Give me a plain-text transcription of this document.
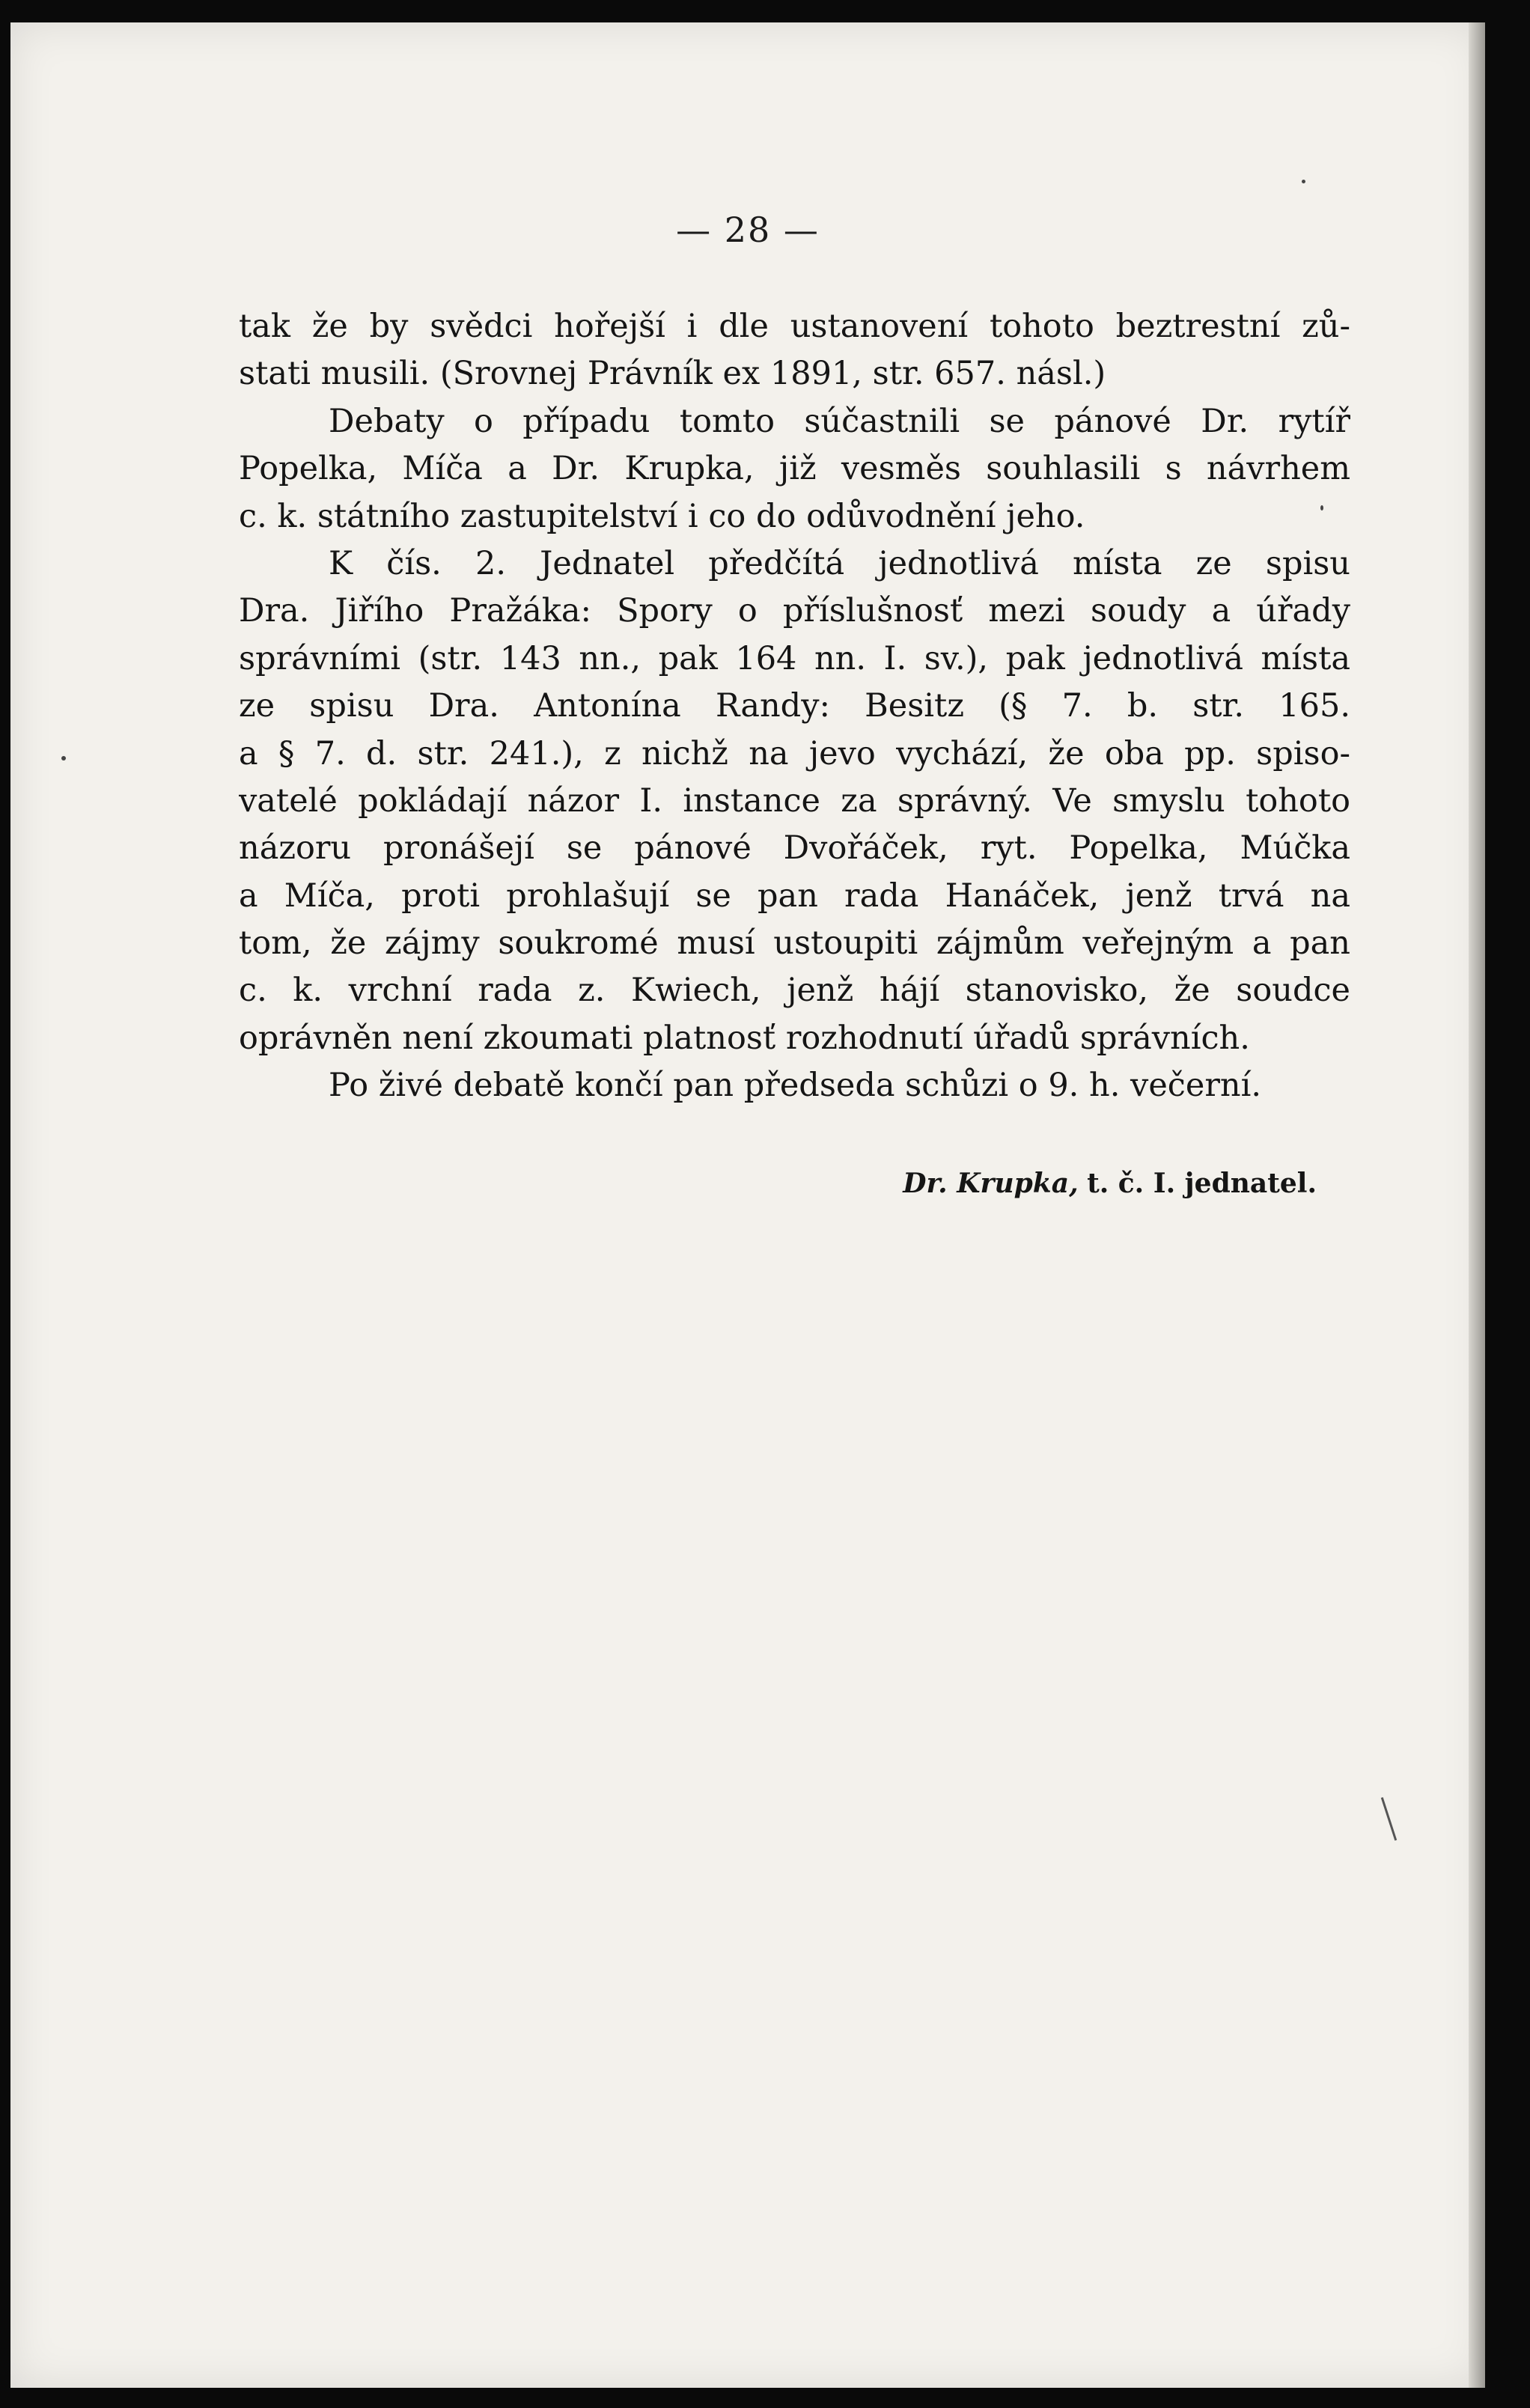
— 28 —
tak že by svědci hořejší i dle ustanovení tohoto beztrestní zů-
stati musili. (Srovnej Právník ex 1891, str. 657. násl.)
Debaty o případu tomto súčastnili se pánové Dr. rytíř
Popelka, Míča a Dr. Krupka, již vesměs souhlasili s návrhem
c. k. státního zastupitelství i co do odůvodnění jeho.
K čís. 2. Jednatel předčítá jednotlivá místa ze spisu
Dra. Jiřího Pražáka: Spory o příslušnosť mezi soudy a úřady
správními (str. 143 nn., pak 164 nn. I. sv.), pak jednotlivá místa
ze spisu Dra. Antonína Randy: Besitz (§ 7. b. str. 165.
a § 7. d. str. 241.), z nichž na jevo vychází, že oba pp. spiso-
vatelé pokládají názor I. instance za správný. Ve smyslu tohoto
názoru pronášejí se pánové Dvořáček, ryt. Popelka, Múčka
a Míča, proti prohlašují se pan rada Hanáček, jenž trvá na
tom, že zájmy soukromé musí ustoupiti zájmům veřejným a pan
c. k. vrchní rada z. Kwiech, jenž hájí stanovisko, že soudce
oprávněn není zkoumati platnosť rozhodnutí úřadů správních.
Po živé debatě končí pan předseda schůzi o 9. h. večerní.
Dr. Krupka, t. č. I. jednatel.
